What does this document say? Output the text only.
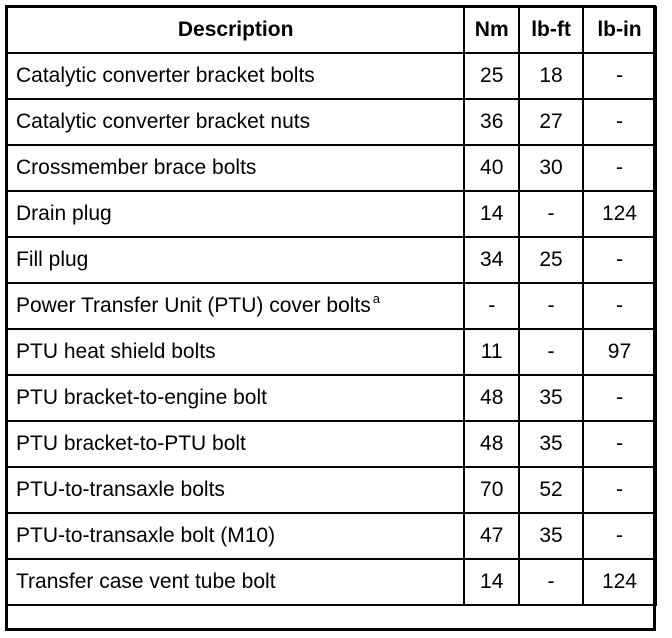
Description	Nm	lb-ft	lb-in
Catalytic converter bracket bolts	25	18	-
Catalytic converter bracket nuts	36	27	-
Crossmember brace bolts	40	30	-
Drain plug	14	-	124
Fill plug	34	25	-
Power Transfer Unit (PTU) cover bolts $^a$	-	-	-
PTU heat shield bolts	11	-	97
PTU bracket-to-engine bolt	48	35	-
PTU bracket-to-PTU bolt	48	35	-
PTU-to-transaxle bolts	70	52	-
PTU-to-transaxle bolt (M10)	47	35	-
Transfer case vent tube bolt	14	-	124
